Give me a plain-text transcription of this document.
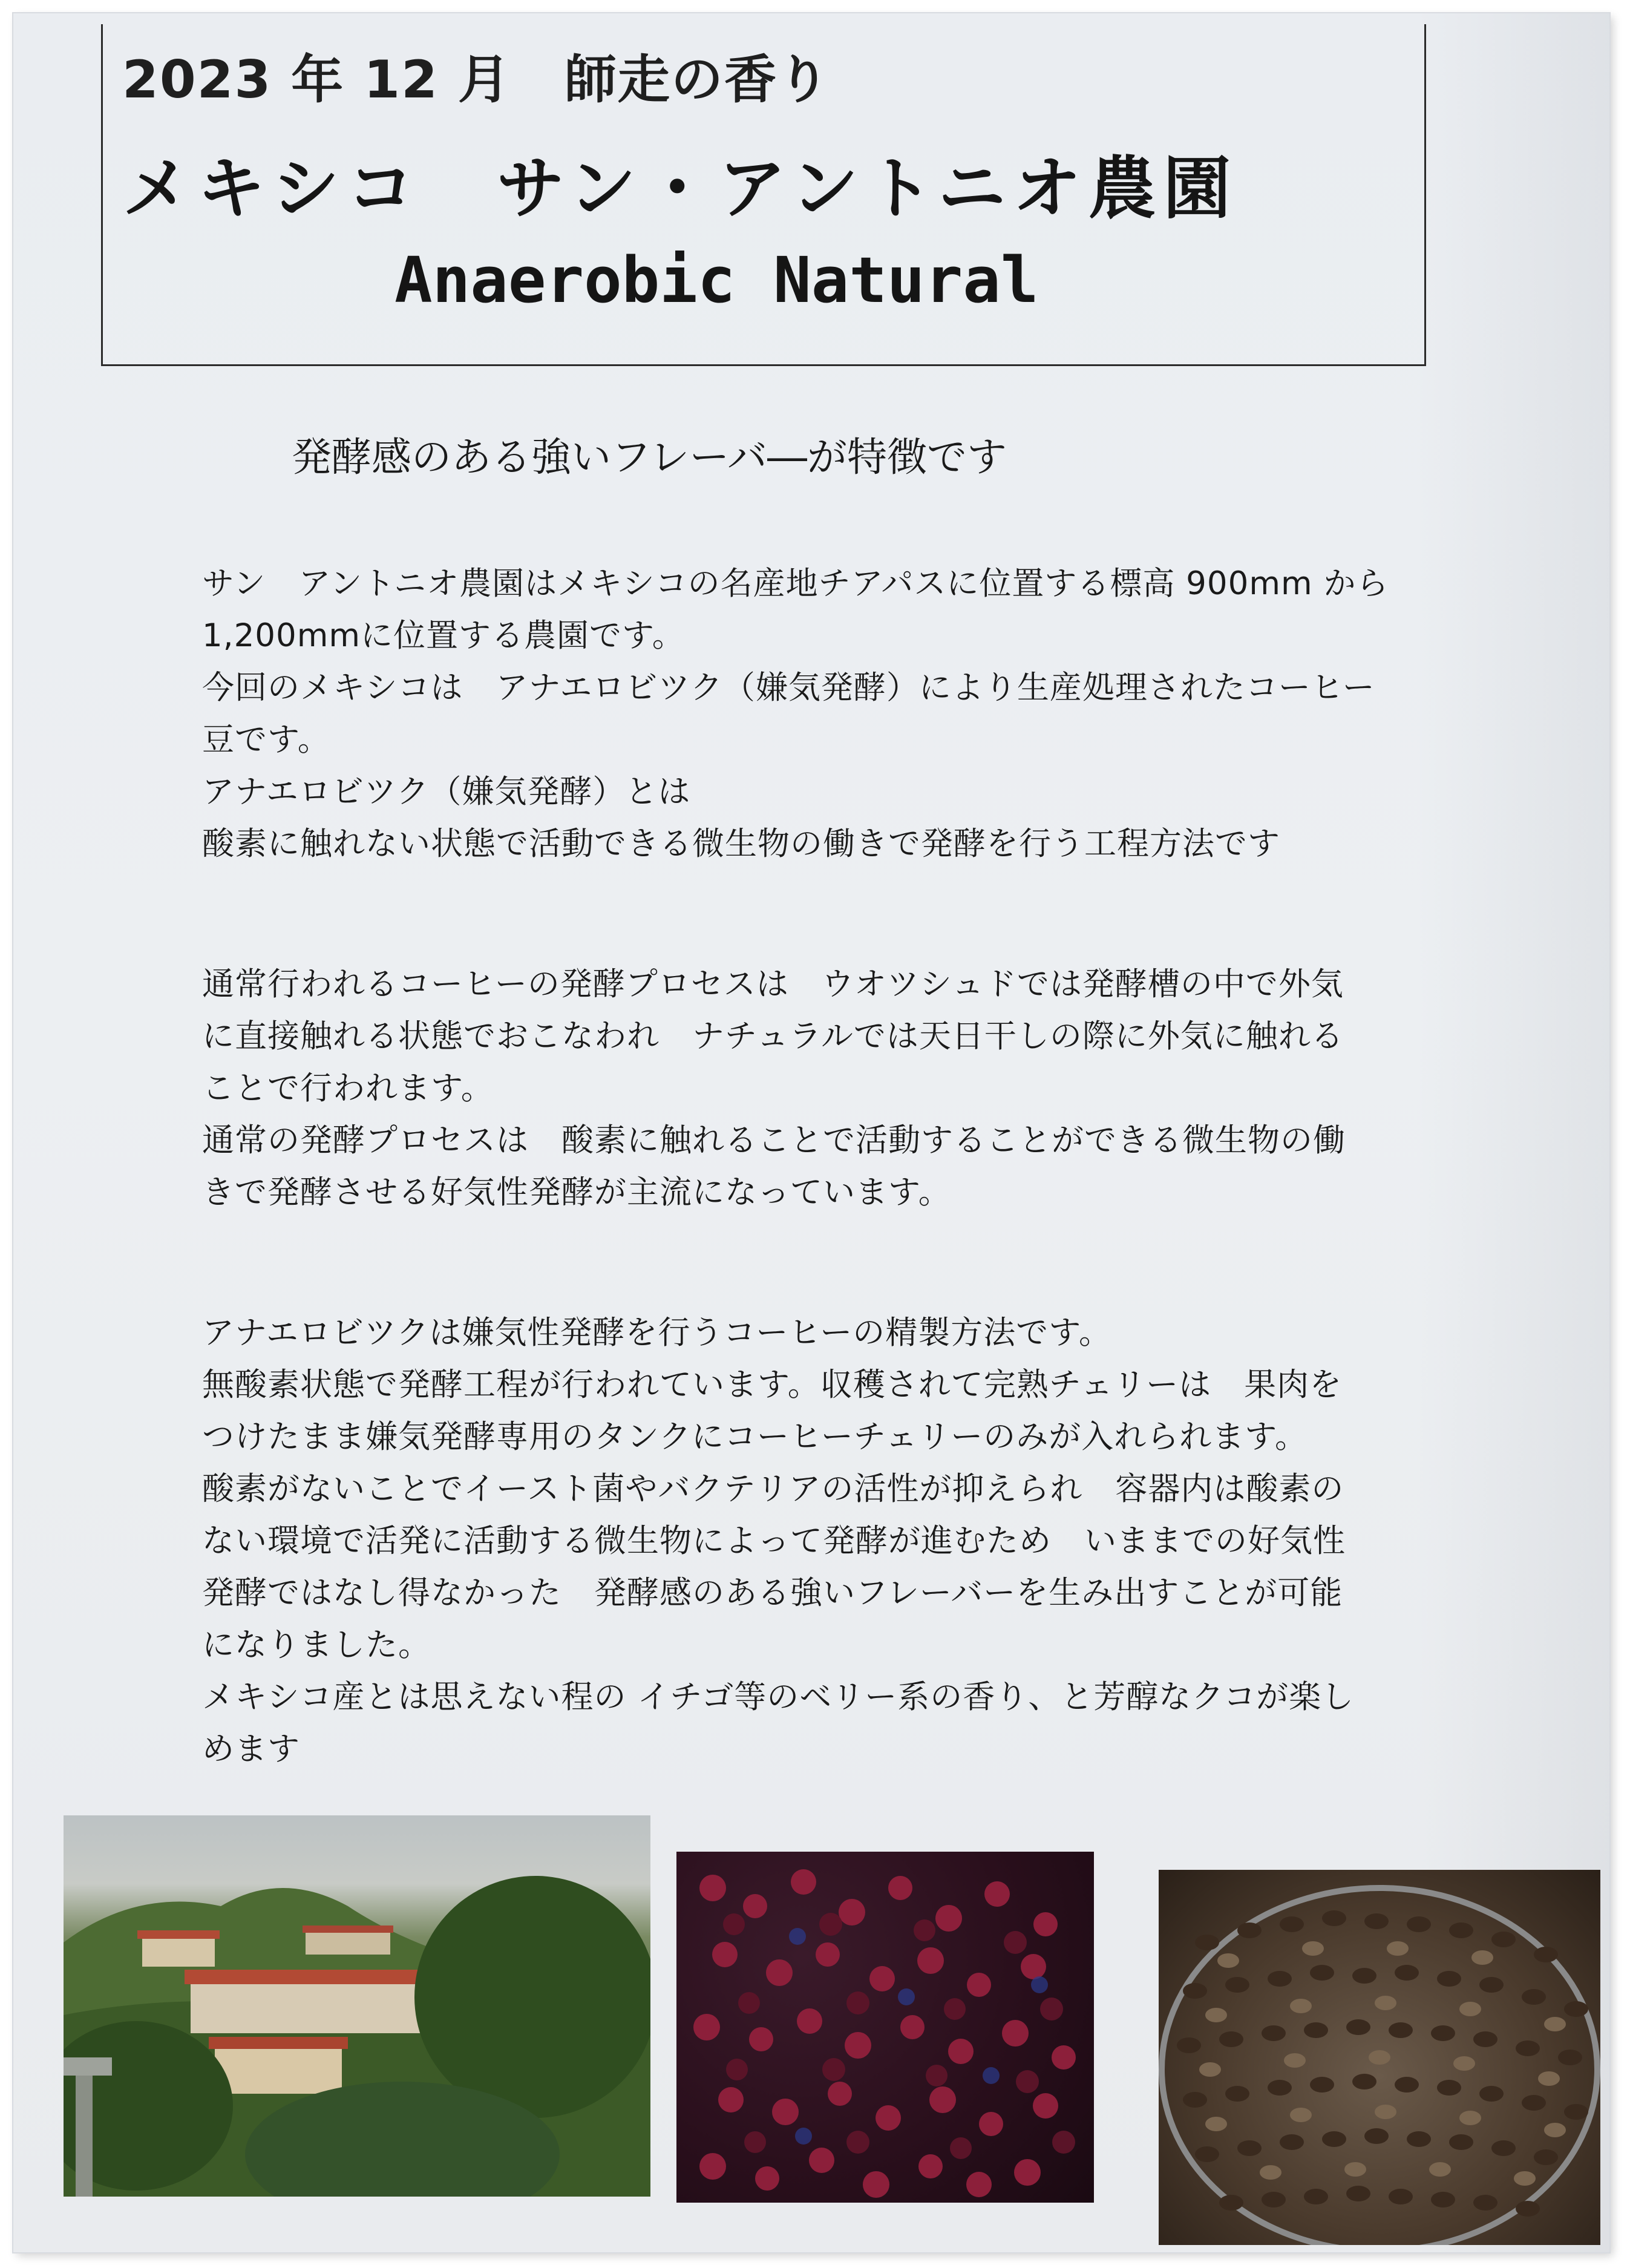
2023 年 12 月　師走の香り
メキシコ　サン・アントニオ農園
Anaerobic Natural
発酵感のある強いフレーバ―が特徴です
サン　アントニオ農園はメキシコの名産地チアパスに位置する標高 900mm から
1,200mmに位置する農園です。
今回のメキシコは　アナエロビツク（嫌気発酵）により生産処理されたコーヒー
豆です。
アナエロビツク（嫌気発酵）とは
酸素に触れない状態で活動できる微生物の働きで発酵を行う工程方法です
通常行われるコーヒーの発酵プロセスは　ウオツシュドでは発酵槽の中で外気
に直接触れる状態でおこなわれ　ナチュラルでは天日干しの際に外気に触れる
ことで行われます。
通常の発酵プロセスは　酸素に触れることで活動することができる微生物の働
きで発酵させる好気性発酵が主流になっています。
アナエロビツクは嫌気性発酵を行うコーヒーの精製方法です。
無酸素状態で発酵工程が行われています。収穫されて完熟チェリーは　果肉を
つけたまま嫌気発酵専用のタンクにコーヒーチェリーのみが入れられます。
酸素がないことでイースト菌やバクテリアの活性が抑えられ　容器内は酸素の
ない環境で活発に活動する微生物によって発酵が進むため　いままでの好気性
発酵ではなし得なかった　発酵感のある強いフレーバーを生み出すことが可能
になりました。
メキシコ産とは思えない程の イチゴ等のベリー系の香り、と芳醇なクコが楽し
めます
